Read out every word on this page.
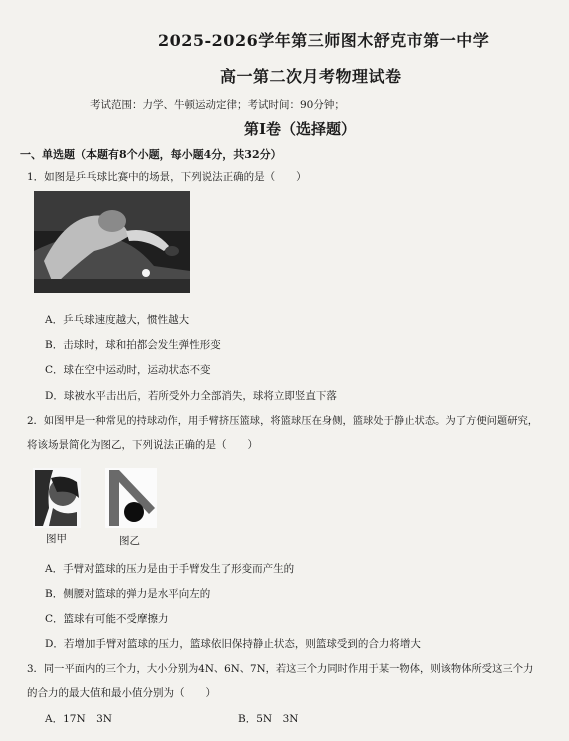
2025-2026学年第三师图木舒克市第一中学
高一第二次月考物理试卷
考试范围：力学、牛顿运动定律；考试时间：90分钟；
第Ⅰ卷（选择题）
一、单选题（本题有8个小题，每小题4分，共32分）
1．如图是乒乓球比赛中的场景，下列说法正确的是（　　）
A．乒乓球速度越大，惯性越大
B．击球时，球和拍都会发生弹性形变
C．球在空中运动时，运动状态不变
D．球被水平击出后，若所受外力全部消失，球将立即竖直下落
2．如图甲是一种常见的持球动作，用手臂挤压篮球，将篮球压在身侧，篮球处于静止状态。为了方便问题研究，
将该场景简化为图乙，下列说法正确的是（　　）
图甲	图乙
A．手臂对篮球的压力是由于手臂发生了形变而产生的
B．侧腰对篮球的弹力是水平向左的
C．篮球有可能不受摩擦力
D．若增加手臂对篮球的压力，篮球依旧保持静止状态，则篮球受到的合力将增大
3．同一平面内的三个力，大小分别为4N、6N、7N，若这三个力同时作用于某一物体，则该物体所受这三个力
的合力的最大值和最小值分别为（　　）
A．17N　3N	B．5N　3N
